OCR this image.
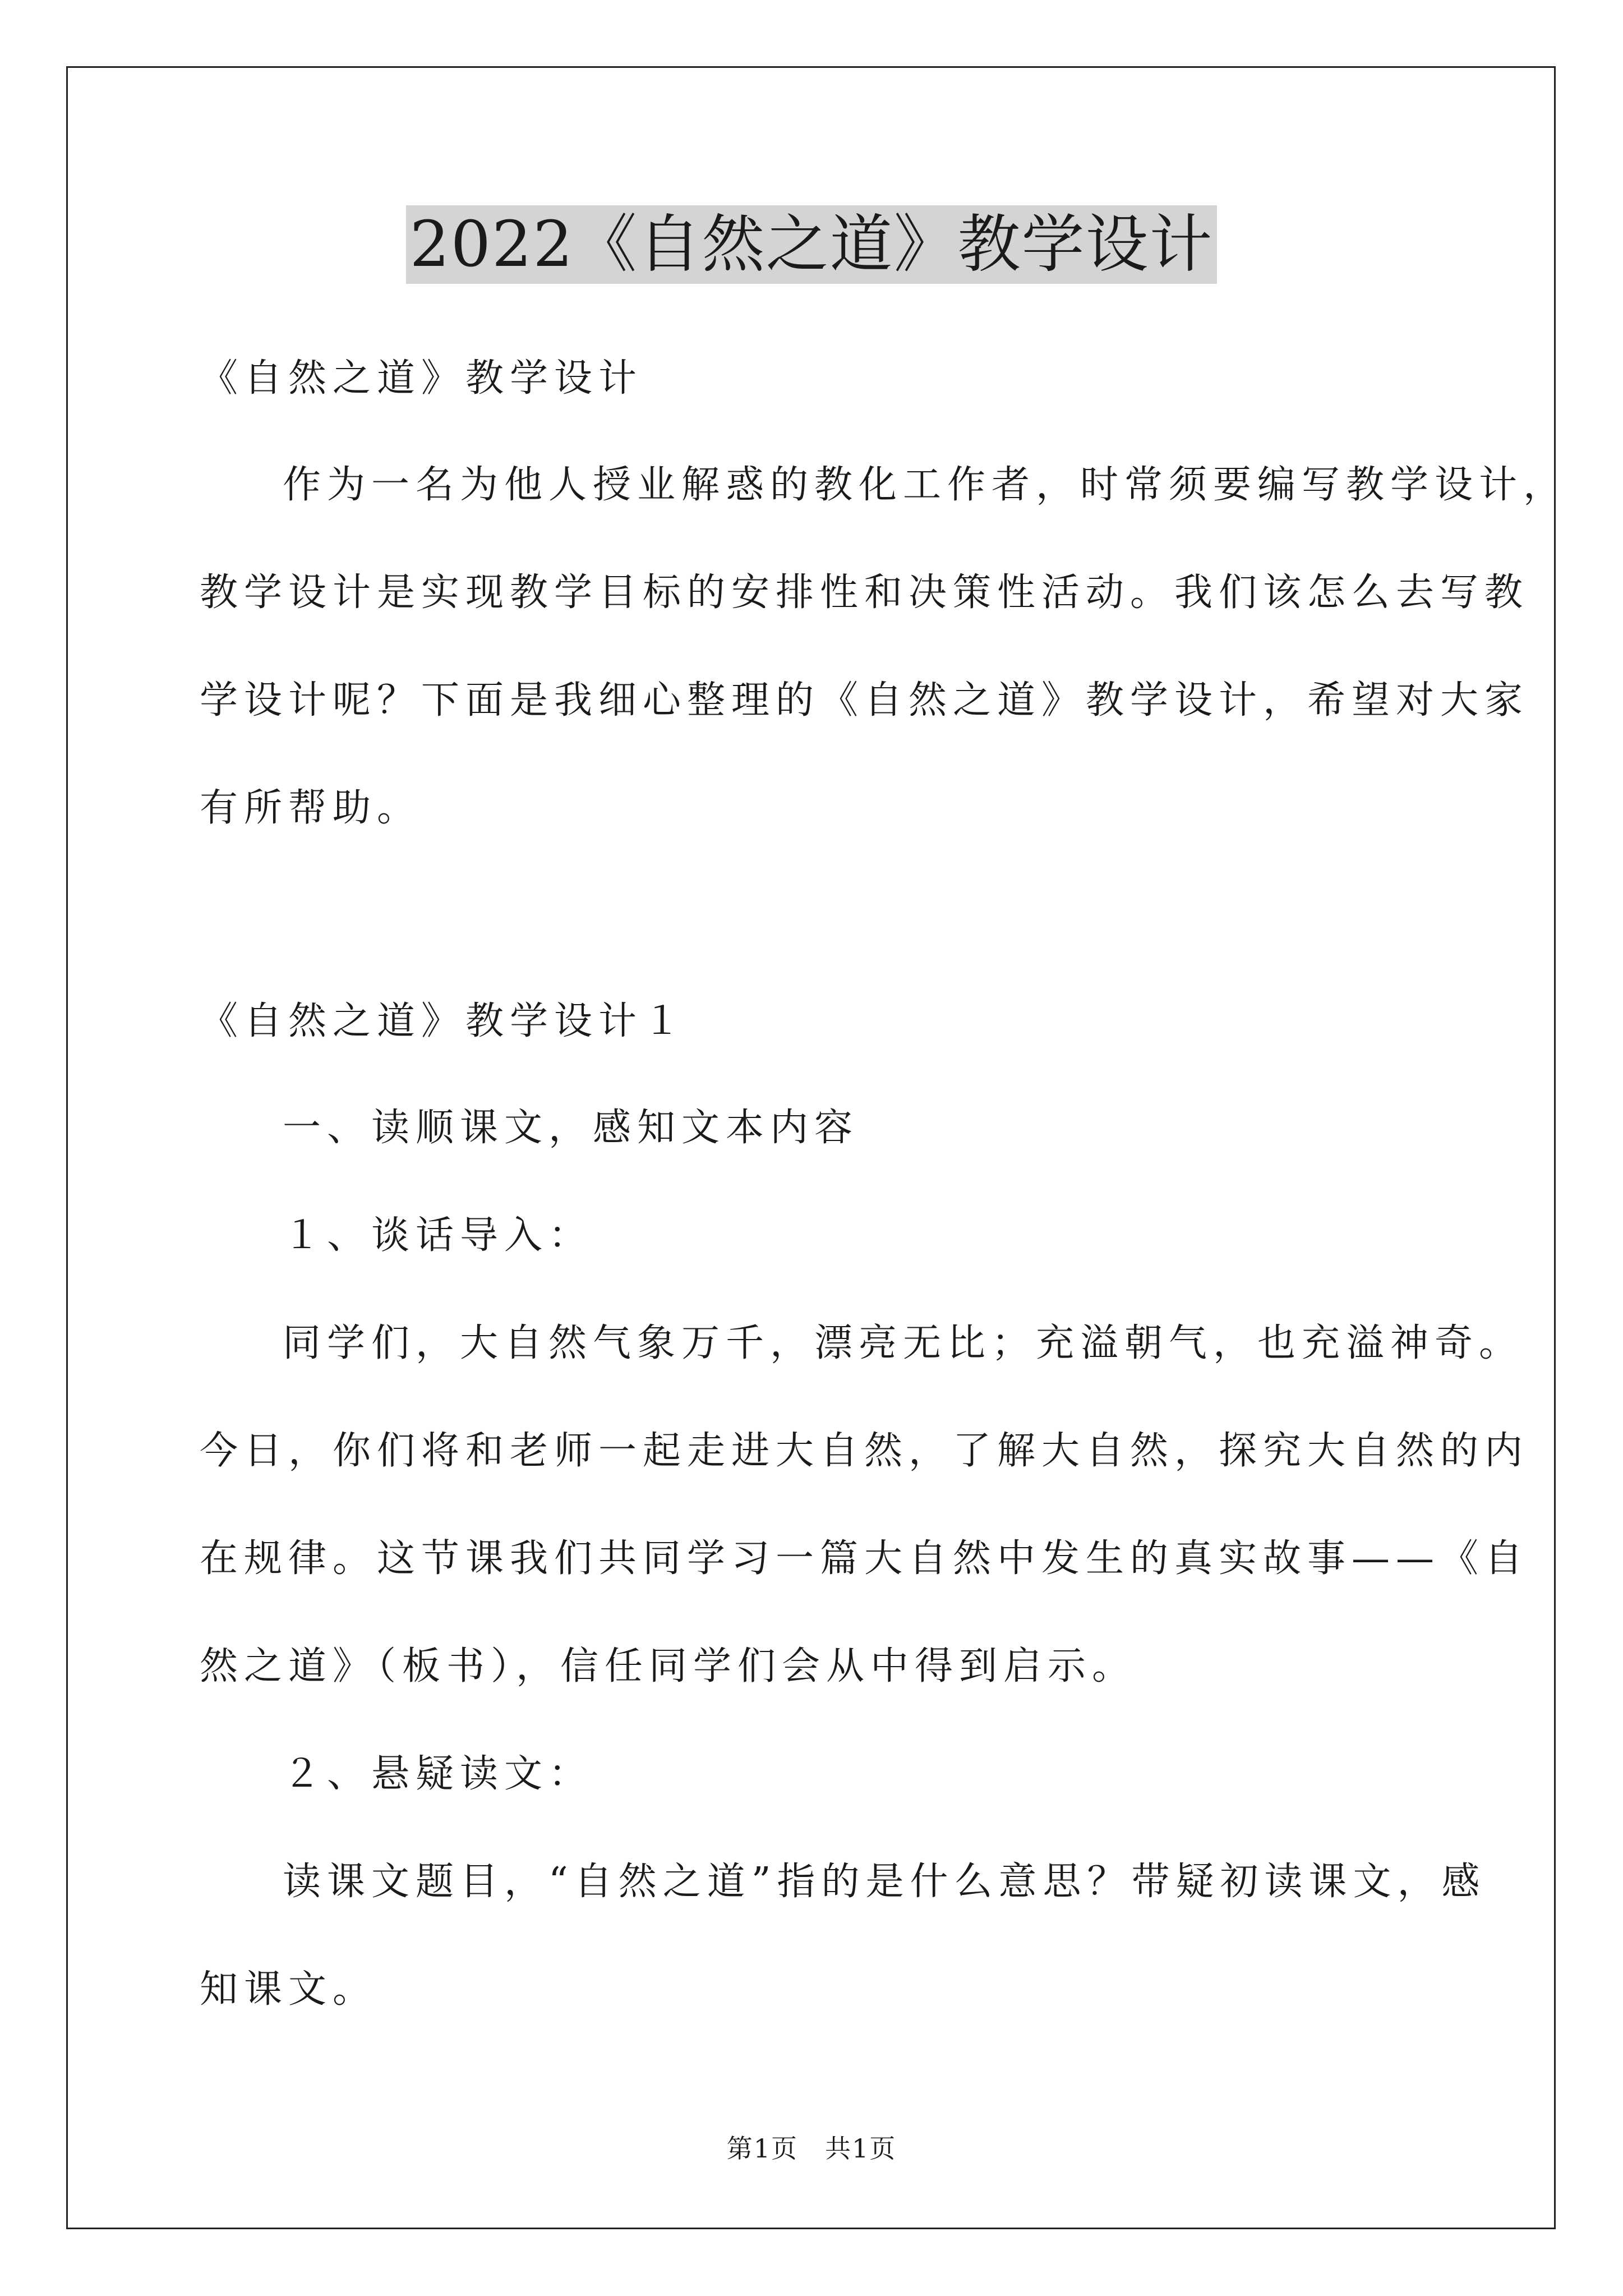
2022《自然之道》教学设计
《自然之道》教学设计
作为一名为他人授业解惑的教化工作者，时常须要编写教学设计，
教学设计是实现教学目标的安排性和决策性活动。我们该怎么去写教
学设计呢？下面是我细心整理的《自然之道》教学设计，希望对大家
有所帮助。
《自然之道》教学设计１
一、读顺课文，感知文本内容
１、谈话导入：
同学们，大自然气象万千，漂亮无比；充溢朝气，也充溢神奇。
今日，你们将和老师一起走进大自然，了解大自然，探究大自然的内
在规律。这节课我们共同学习一篇大自然中发生的真实故事——《自
然之道》（板书），信任同学们会从中得到启示。
２、悬疑读文：
读课文题目，“自然之道”指的是什么意思？带疑初读课文，感
知课文。
第1页　共1页
